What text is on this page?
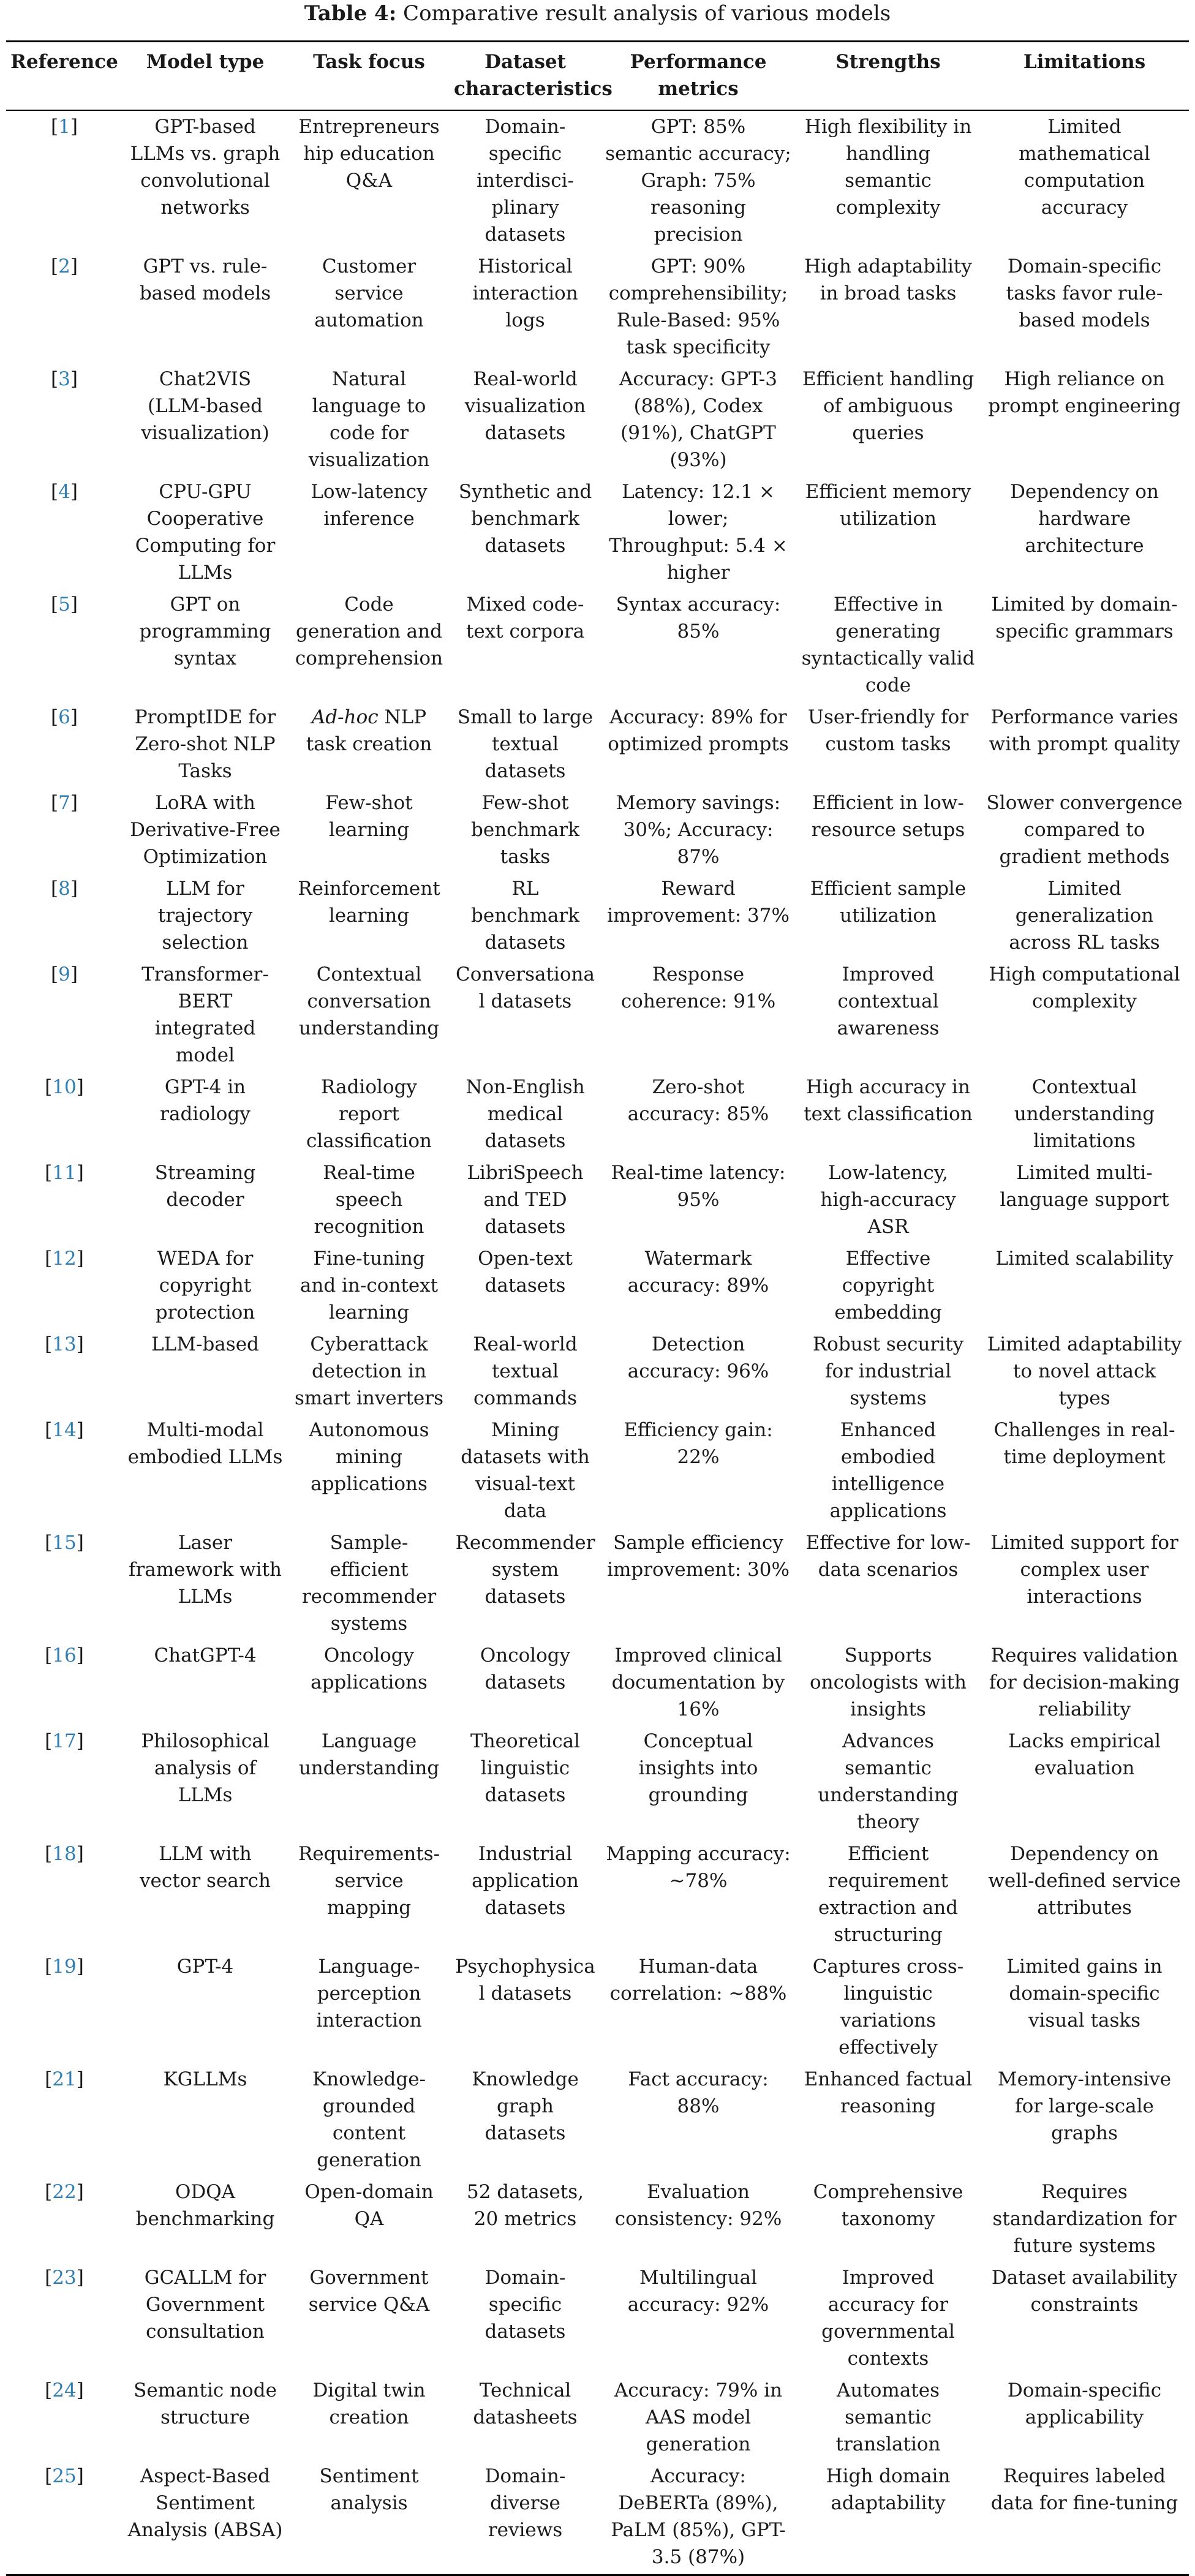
Table 4: Comparative result analysis of various models
Reference	Model type	Task focus	Dataset characteristics	Performance metrics	Strengths	Limitations
[1]	GPT-based LLMs vs. graph convolutional networks	Entrepreneurship education Q&A	Domain-specific interdisci-plinary datasets	GPT: 85% semantic accuracy; Graph: 75% reasoning precision	High flexibility in handling semantic complexity	Limited mathematical computation accuracy
[2]	GPT vs. rule-based models	Customer service automation	Historical interaction logs	GPT: 90% comprehensibility; Rule-Based: 95% task specificity	High adaptability in broad tasks	Domain-specific tasks favor rule-based models
[3]	Chat2VIS (LLM-based visualization)	Natural language to code for visualization	Real-world visualization datasets	Accuracy: GPT-3 (88%), Codex (91%), ChatGPT (93%)	Efficient handling of ambiguous queries	High reliance on prompt engineering
[4]	CPU-GPU Cooperative Computing for LLMs	Low-latency inference	Synthetic and benchmark datasets	Latency: 12.1 × lower; Throughput: 5.4 × higher	Efficient memory utilization	Dependency on hardware architecture
[5]	GPT on programming syntax	Code generation and comprehension	Mixed code-text corpora	Syntax accuracy: 85%	Effective in generating syntactically valid code	Limited by domain-specific grammars
[6]	PromptIDE for Zero-shot NLP Tasks	Ad-hoc NLP task creation	Small to large textual datasets	Accuracy: 89% for optimized prompts	User-friendly for custom tasks	Performance varies with prompt quality
[7]	LoRA with Derivative-Free Optimization	Few-shot learning	Few-shot benchmark tasks	Memory savings: 30%; Accuracy: 87%	Efficient in low-resource setups	Slower convergence compared to gradient methods
[8]	LLM for trajectory selection	Reinforcement learning	RL benchmark datasets	Reward improvement: 37%	Efficient sample utilization	Limited generalization across RL tasks
[9]	Transformer-BERT integrated model	Contextual conversation understanding	Conversational datasets	Response coherence: 91%	Improved contextual awareness	High computational complexity
[10]	GPT-4 in radiology	Radiology report classification	Non-English medical datasets	Zero-shot accuracy: 85%	High accuracy in text classification	Contextual understanding limitations
[11]	Streaming decoder	Real-time speech recognition	LibriSpeech and TED datasets	Real-time latency: 95%	Low-latency, high-accuracy ASR	Limited multi-language support
[12]	WEDA for copyright protection	Fine-tuning and in-context learning	Open-text datasets	Watermark accuracy: 89%	Effective copyright embedding	Limited scalability
[13]	LLM-based	Cyberattack detection in smart inverters	Real-world textual commands	Detection accuracy: 96%	Robust security for industrial systems	Limited adaptability to novel attack types
[14]	Multi-modal embodied LLMs	Autonomous mining applications	Mining datasets with visual-text data	Efficiency gain: 22%	Enhanced embodied intelligence applications	Challenges in real-time deployment
[15]	Laser framework with LLMs	Sample-efficient recommender systems	Recommender system datasets	Sample efficiency improvement: 30%	Effective for low-data scenarios	Limited support for complex user interactions
[16]	ChatGPT-4	Oncology applications	Oncology datasets	Improved clinical documentation by 16%	Supports oncologists with insights	Requires validation for decision-making reliability
[17]	Philosophical analysis of LLMs	Language understanding	Theoretical linguistic datasets	Conceptual insights into grounding	Advances semantic understanding theory	Lacks empirical evaluation
[18]	LLM with vector search	Requirements-service mapping	Industrial application datasets	Mapping accuracy: ~78%	Efficient requirement extraction and structuring	Dependency on well-defined service attributes
[19]	GPT-4	Language-perception interaction	Psychophysical datasets	Human-data correlation: ~88%	Captures cross-linguistic variations effectively	Limited gains in domain-specific visual tasks
[21]	KGLLMs	Knowledge-grounded content generation	Knowledge graph datasets	Fact accuracy: 88%	Enhanced factual reasoning	Memory-intensive for large-scale graphs
[22]	ODQA benchmarking	Open-domain QA	52 datasets, 20 metrics	Evaluation consistency: 92%	Comprehensive taxonomy	Requires standardization for future systems
[23]	GCALLM for Government consultation	Government service Q&A	Domain-specific datasets	Multilingual accuracy: 92%	Improved accuracy for governmental contexts	Dataset availability constraints
[24]	Semantic node structure	Digital twin creation	Technical datasheets	Accuracy: 79% in AAS model generation	Automates semantic translation	Domain-specific applicability
[25]	Aspect-Based Sentiment Analysis (ABSA)	Sentiment analysis	Domain-diverse reviews	Accuracy: DeBERTa (89%), PaLM (85%), GPT-3.5 (87%)	High domain adaptability	Requires labeled data for fine-tuning
